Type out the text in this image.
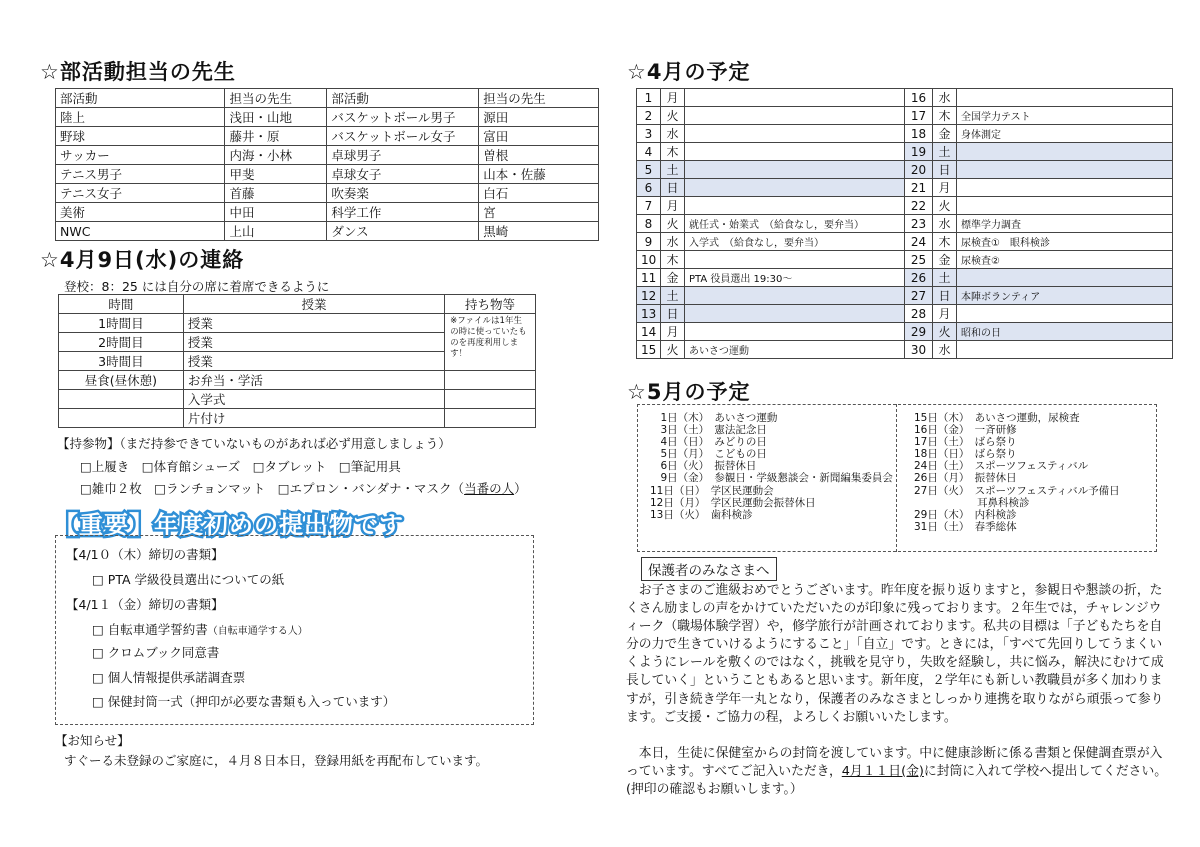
☆部活動担当の先生
部活動	担当の先生	部活動	担当の先生
陸上	浅田・山地	バスケットボール男子	源田
野球	藤井・原	バスケットボール女子	富田
サッカー	内海・小林	卓球男子	曽根
テニス男子	甲斐	卓球女子	山本・佐藤
テニス女子	首藤	吹奏楽	白石
美術	中田	科学工作	宮
NWC	上山	ダンス	黒崎
☆4月9日(水)の連絡
登校：8：25 には自分の席に着席できるように
時間	授業	持ち物等
1時間目	授業	※ファイルは1年生の時に使っていたものを再度利用します！
2時間目	授業	
3時間目	授業	
昼食(昼休憩)	お弁当・学活	
	入学式	
	片付け	
【持参物】（まだ持参できていないものがあれば必ず用意しましょう）
□上履き　□体育館シューズ　□タブレット　□筆記用具
□雑巾２枚　□ランチョンマット　□エプロン・バンダナ・マスク（当番の人）
【重要】年度初めの提出物です
【4/1０（木）締切の書類】
□ PTA 学級役員選出についての紙
【4/1１（金）締切の書類】
□ 自転車通学誓約書（自転車通学する人）
□ クロムブック同意書
□ 個人情報提供承諾調査票
□ 保健封筒一式（押印が必要な書類も入っています）
【お知らせ】
すぐーる未登録のご家庭に，４月８日本日，登録用紙を再配布しています。
☆4月の予定
1	月		16	水	
2	火		17	木	全国学力テスト
3	水		18	金	身体測定
4	木		19	土	
5	土		20	日	
6	日		21	月	
7	月		22	火	
8	火	就任式・始業式　（給食なし，要弁当）	23	水	標準学力調査
9	水	入学式　（給食なし，要弁当）	24	木	尿検査①　眼科検診
10	木		25	金	尿検査②
11	金	PTA 役員選出 19:30～	26	土	
12	土		27	日	本陣ボランティア
13	日		28	月	
14	月		29	火	昭和の日
15	火	あいさつ運動	30	水	
☆5月の予定
　1日（木）　あいさつ運動
　3日（土）　憲法記念日
　4日（日）　みどりの日
　5日（月）　こどもの日
　6日（火）　振替休日
　9日（金）　参観日・学級懇談会・新聞編集委員会
11日（日）　学区民運動会
12日（月）　学区民運動会振替休日
13日（火）　歯科検診
15日（木）　あいさつ運動，尿検査
16日（金）　一斉研修
17日（土）　ばら祭り
18日（日）　ばら祭り
24日（土）　スポーツフェスティバル
26日（月）　振替休日
27日（火）　スポーツフェスティバル予備日
　　　　　　耳鼻科検診
29日（木）　内科検診
31日（土）　春季総体
保護者のみなさまへ
　お子さまのご進級おめでとうございます。昨年度を振り返りますと，参観日や懇談の折，たくさん励ましの声をかけていただいたのが印象に残っております。２年生では，チャレンジウィーク（職場体験学習）や，修学旅行が計画されております。私共の目標は「子どもたちを自分の力で生きていけるようにすること」「自立」です。ときには，「すべて先回りしてうまくいくようにレールを敷くのではなく，挑戦を見守り，失敗を経験し，共に悩み，解決にむけて成長していく」ということもあると思います。新年度，２学年にも新しい教職員が多く加わりますが，引き続き学年一丸となり，保護者のみなさまとしっかり連携を取りながら頑張って参ります。ご支援・ご協力の程，よろしくお願いいたします。
　本日，生徒に保健室からの封筒を渡しています。中に健康診断に係る書類と保健調査票が入っています。すべてご記入いただき，4月１１日(金)に封筒に入れて学校へ提出してください。(押印の確認もお願いします。）
